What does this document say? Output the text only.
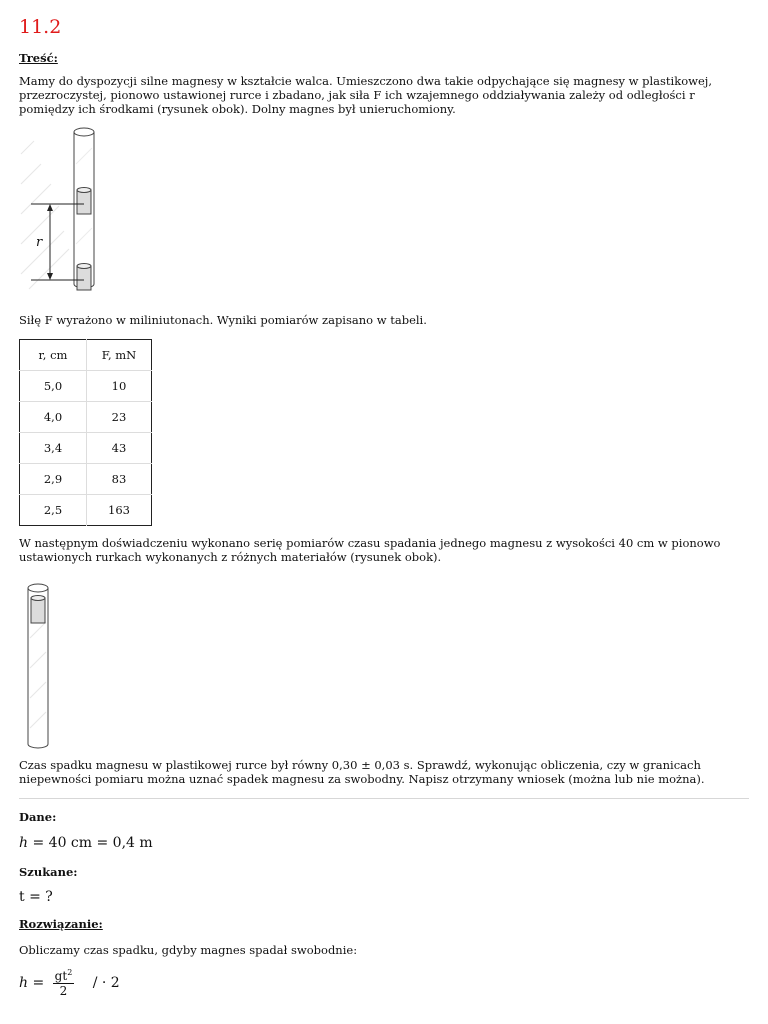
11.2
Treść:
Mamy do dyspozycji silne magnesy w kształcie walca. Umieszczono dwa takie odpychające się magnesy w plastikowej, przezroczystej, pionowo ustawionej rurce i zbadano, jak siła F ich wzajemnego oddziaływania zależy od odległości r pomiędzy ich środkami (rysunek obok). Dolny magnes był unieruchomiony.
r
Siłę F wyrażono w miliniutonach. Wyniki pomiarów zapisano w tabeli.
r, cm	F, mN
5,0	10
4,0	23
3,4	43
2,9	83
2,5	163
W następnym doświadczeniu wykonano serię pomiarów czasu spadania jednego magnesu z wysokości 40 cm w pionowo ustawionych rurkach wykonanych z różnych materiałów (rysunek obok).
Czas spadku magnesu w plastikowej rurce był równy 0,30 ± 0,03 s. Sprawdź, wykonując obliczenia, czy w granicach niepewności pomiaru można uznać spadek magnesu za swobodny. Napisz otrzymany wniosek (można lub nie można).
Dane:
h = 40 cm = 0,4 m
Szukane:
t = ?
Rozwiązanie:
Obliczamy czas spadku, gdyby magnes spadał swobodnie:
$h = \frac{gt^2}{2}$ / · 2
